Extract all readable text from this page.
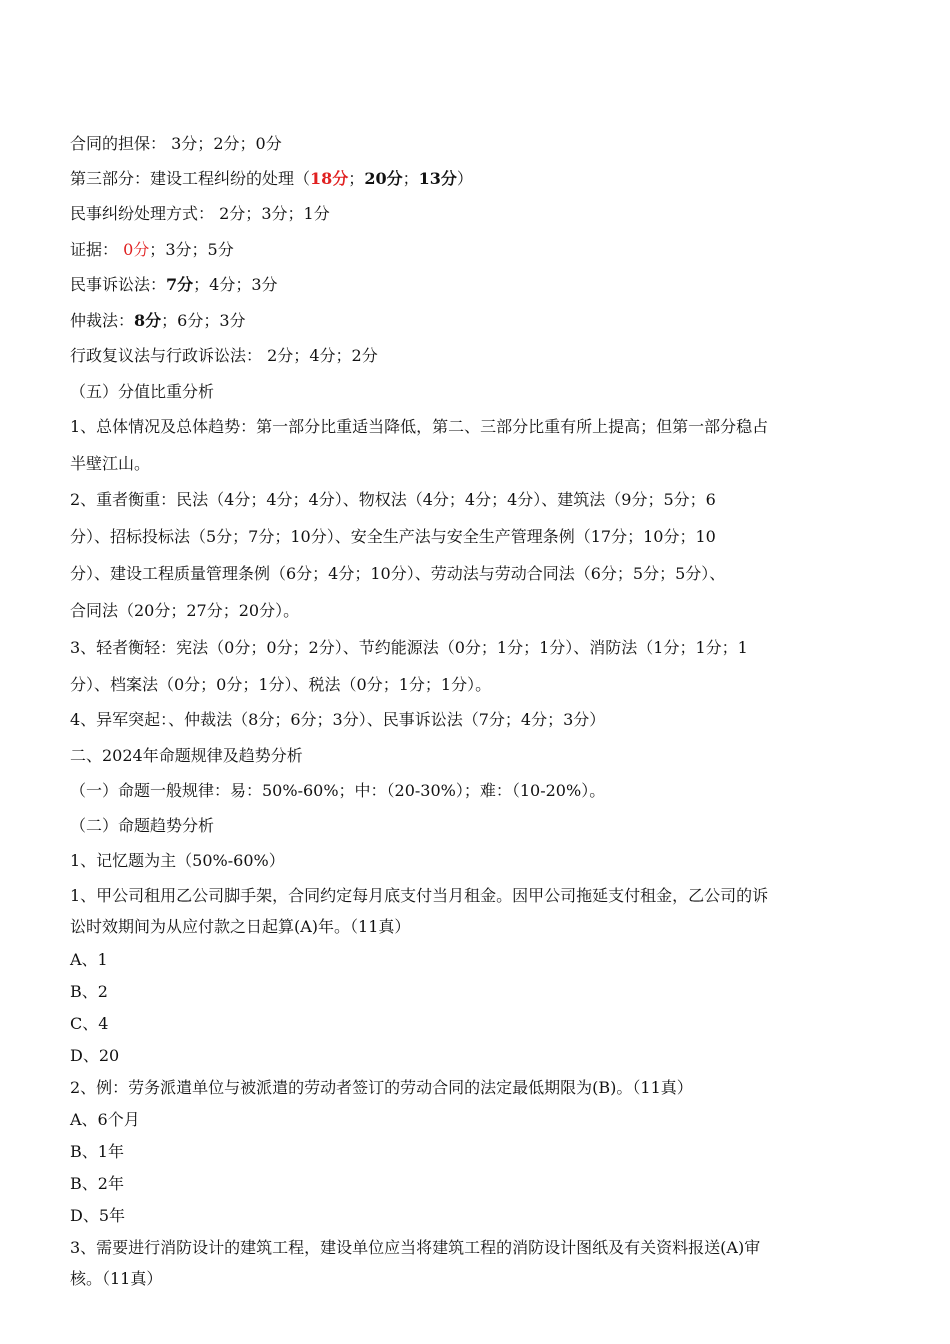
合同的担保： 3分；2分；0分
第三部分：建设工程纠纷的处理（18分；20分；13分）
民事纠纷处理方式： 2分；3分；1分
证据： 0分；3分；5分
民事诉讼法：7分；4分；3分
仲裁法：8分；6分；3分
行政复议法与行政诉讼法： 2分；4分；2分
（五）分值比重分析
1、总体情况及总体趋势：第一部分比重适当降低，第二、三部分比重有所上提高；但第一部分稳占
半壁江山。
2、重者衡重：民法（4分；4分；4分）、物权法（4分；4分；4分）、建筑法（9分；5分；6
分）、招标投标法（5分；7分；10分）、安全生产法与安全生产管理条例（17分；10分；10
分）、建设工程质量管理条例（6分；4分；10分）、劳动法与劳动合同法（6分；5分；5分）、
合同法（20分；27分；20分）。
3、轻者衡轻：宪法（0分；0分；2分）、节约能源法（0分；1分；1分）、消防法（1分；1分；1
分）、档案法（0分；0分；1分）、税法（0分；1分；1分）。
4、异军突起：、仲裁法（8分；6分；3分）、民事诉讼法（7分；4分；3分）
二、2024年命题规律及趋势分析
（一）命题一般规律：易：50%-60%；中：（20-30%）；难：（10-20%）。
（二）命题趋势分析
1、记忆题为主（50%-60%）
1、甲公司租用乙公司脚手架，合同约定每月底支付当月租金。因甲公司拖延支付租金，乙公司的诉
讼时效期间为从应付款之日起算(A)年。（11真）
A、1
B、2
C、4
D、20
2、例：劳务派遣单位与被派遣的劳动者签订的劳动合同的法定最低期限为(B)。（11真）
A、6个月
B、1年
B、2年
D、5年
3、需要进行消防设计的建筑工程，建设单位应当将建筑工程的消防设计图纸及有关资料报送(A)审
核。（11真）
